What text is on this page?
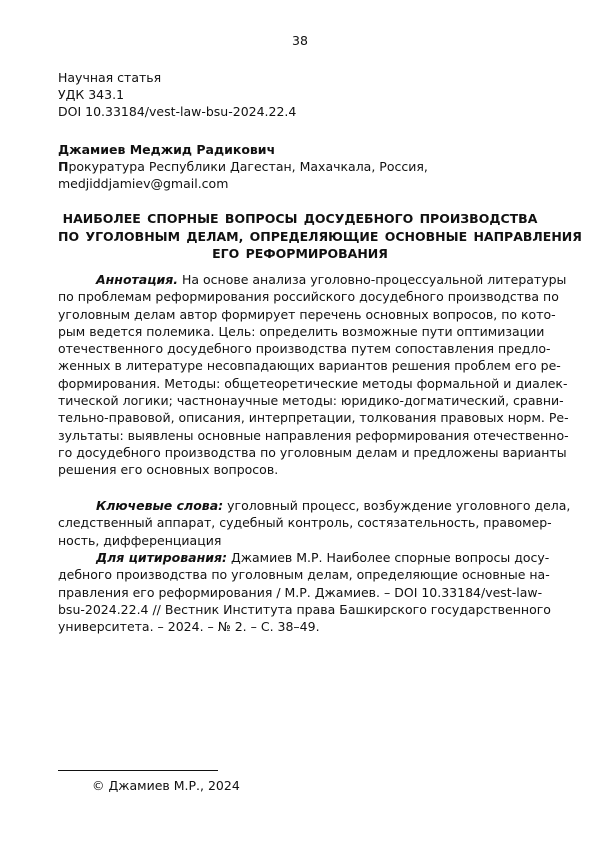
38
Научная статья
УДК 343.1
DOI 10.33184/vest-law-bsu-2024.22.4
Джамиев Меджид Радикович
Прокуратура Республики Дагестан, Махачкала, Россия,
medjiddjamiev@gmail.com
НАИБОЛЕЕ СПОРНЫЕ ВОПРОСЫ ДОСУДЕБНОГО ПРОИЗВОДСТВА
ПО УГОЛОВНЫМ ДЕЛАМ, ОПРЕДЕЛЯЮЩИЕ ОСНОВНЫЕ НАПРАВЛЕНИЯ
ЕГО РЕФОРМИРОВАНИЯ
Аннотация. На основе анализа уголовно-процессуальной литературы
по проблемам реформирования российского досудебного производства по
уголовным делам автор формирует перечень основных вопросов, по кото-
рым ведется полемика. Цель: определить возможные пути оптимизации
отечественного досудебного производства путем сопоставления предло-
женных в литературе несовпадающих вариантов решения проблем его ре-
формирования. Методы: общетеоретические методы формальной и диалек-
тической логики; частнонаучные методы: юридико-догматический, сравни-
тельно-правовой, описания, интерпретации, толкования правовых норм. Ре-
зультаты: выявлены основные направления реформирования отечественно-
го досудебного производства по уголовным делам и предложены варианты
решения его основных вопросов.
Ключевые слова: уголовный процесс, возбуждение уголовного дела,
следственный аппарат, судебный контроль, состязательность, правомер-
ность, дифференциация
Для цитирования: Джамиев М.Р. Наиболее спорные вопросы досу-
дебного производства по уголовным делам, определяющие основные на-
правления его реформирования / М.Р. Джамиев. – DOI 10.33184/vest-law-
bsu-2024.22.4 // Вестник Института права Башкирского государственного
университета. – 2024. – № 2. – С. 38–49.
© Джамиев М.Р., 2024
